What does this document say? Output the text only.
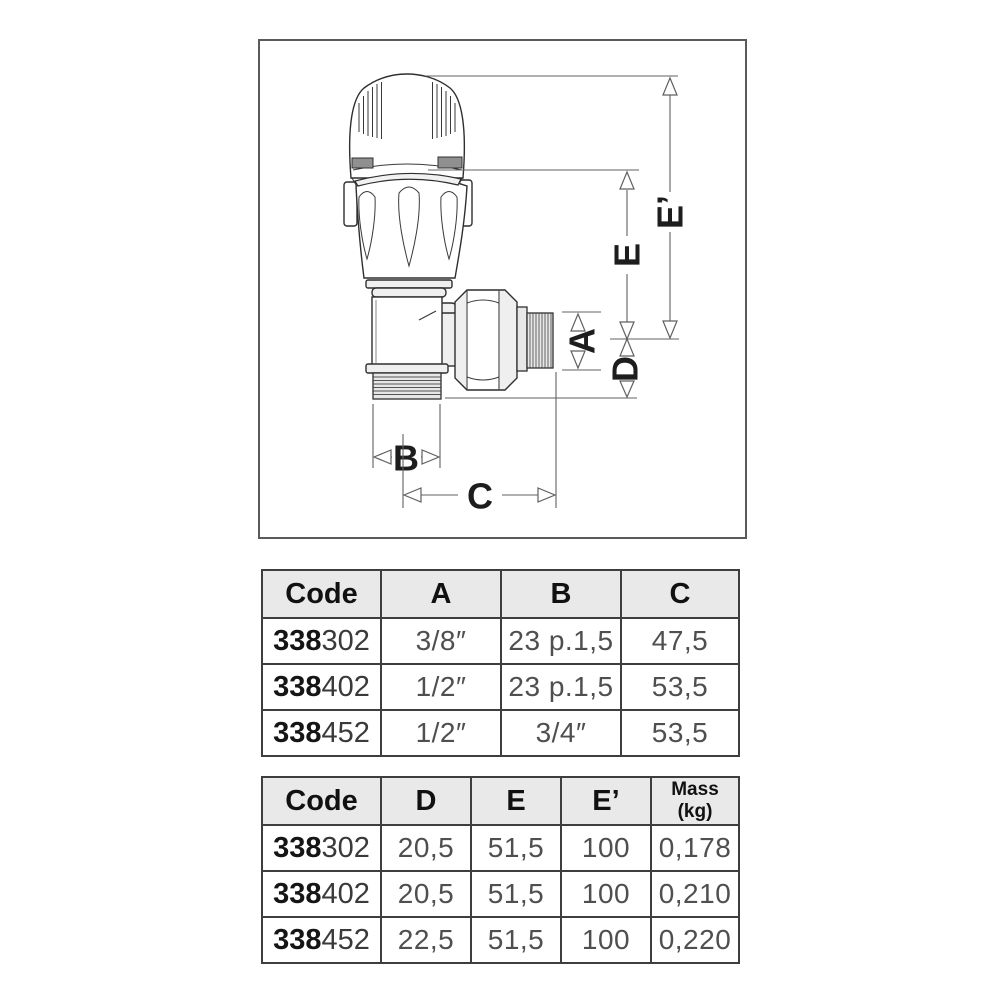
E’
E
D
A
B
C
Code	A	B	C
338302	3/8″	23 p.1,5	47,5
338402	1/2″	23 p.1,5	53,5
338452	1/2″	3/4″	53,5
Code	D	E	E’	Mass (kg)
338302	20,5	51,5	100	0,178
338402	20,5	51,5	100	0,210
338452	22,5	51,5	100	0,220
